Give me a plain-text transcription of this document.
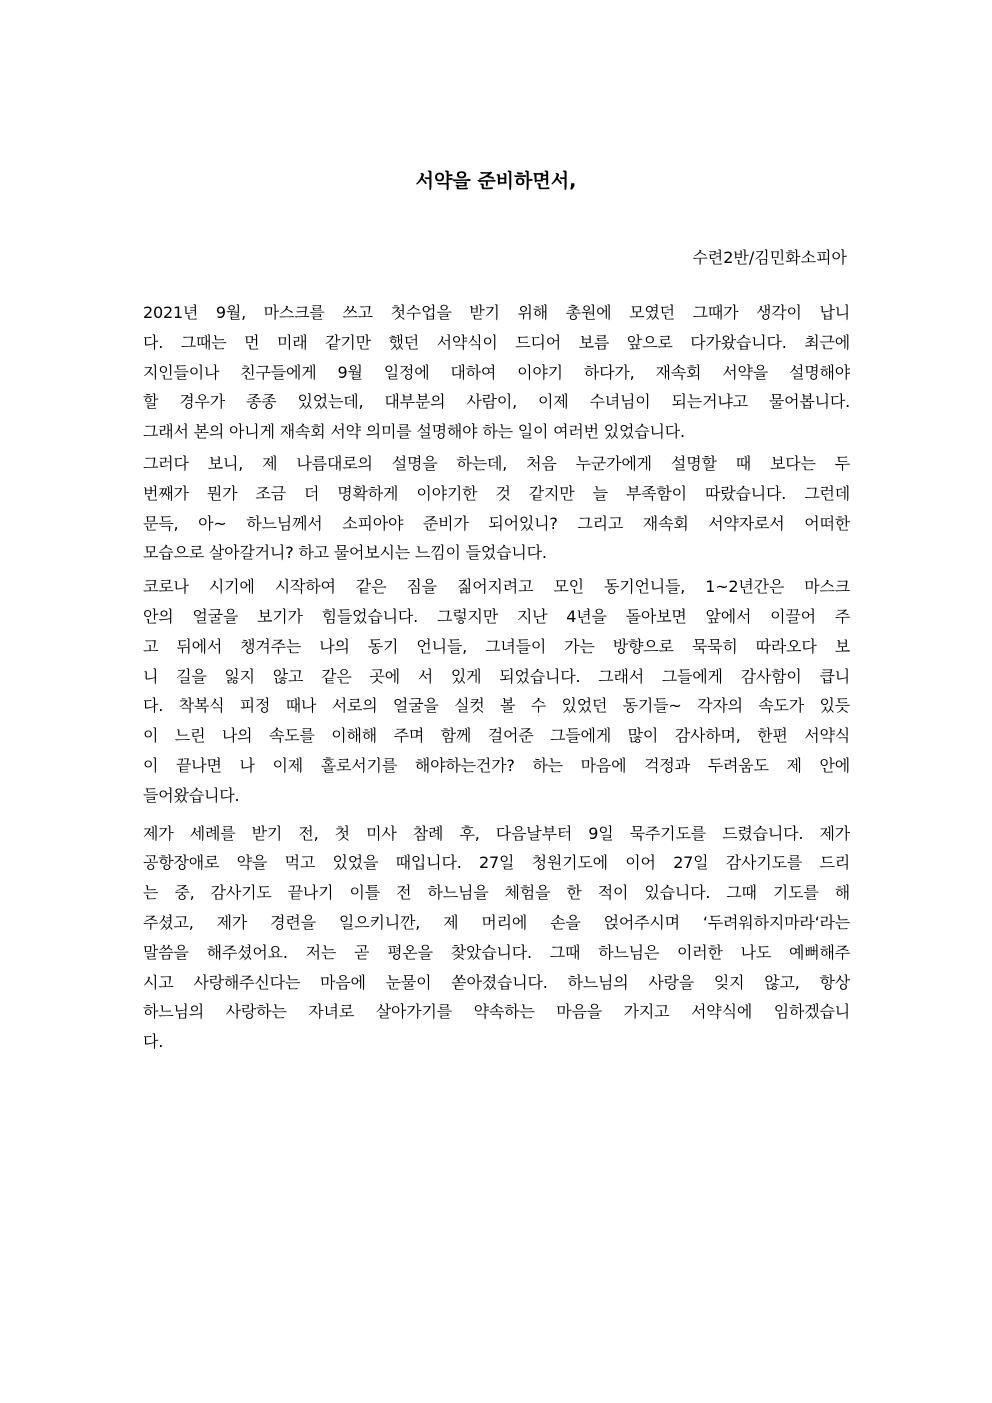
서약을 준비하면서,
수련2반/김민화소피아

2021년 9월, 마스크를 쓰고 첫수업을 받기 위해 총원에 모였던 그때가 생각이 납니
다. 그때는 먼 미래 같기만 했던 서약식이 드디어 보름 앞으로 다가왔습니다. 최근에
지인들이나 친구들에게 9월 일정에 대하여 이야기 하다가, 재속회 서약을 설명해야
할 경우가 종종 있었는데, 대부분의 사람이, 이제 수녀님이 되는거냐고 물어봅니다.
그래서 본의 아니게 재속회 서약 의미를 설명해야 하는 일이 여러번 있었습니다.

그러다 보니, 제 나름대로의 설명을 하는데, 처음 누군가에게 설명할 때 보다는 두
번째가 뭔가 조금 더 명확하게 이야기한 것 같지만 늘 부족함이 따랐습니다. 그런데
문득, 아~ 하느님께서 소피아야 준비가 되어있니? 그리고 재속회 서약자로서 어떠한
모습으로 살아갈거니? 하고 물어보시는 느낌이 들었습니다.

코로나 시기에 시작하여 같은 짐을 짊어지려고 모인 동기언니들, 1~2년간은 마스크
안의 얼굴을 보기가 힘들었습니다. 그렇지만 지난 4년을 돌아보면 앞에서 이끌어 주
고 뒤에서 챙겨주는 나의 동기 언니들, 그녀들이 가는 방향으로 묵묵히 따라오다 보
니 길을 잃지 않고 같은 곳에 서 있게 되었습니다. 그래서 그들에게 감사함이 큽니
다. 착복식 피정 때나 서로의 얼굴을 실컷 볼 수 있었던 동기들~ 각자의 속도가 있듯
이 느린 나의 속도를 이해해 주며 함께 걸어준 그들에게 많이 감사하며, 한편 서약식
이 끝나면 나 이제 홀로서기를 해야하는건가? 하는 마음에 걱정과 두려움도 제 안에
들어왔습니다.

제가 세례를 받기 전, 첫 미사 참례 후, 다음날부터 9일 묵주기도를 드렸습니다. 제가
공항장애로 약을 먹고 있었을 때입니다. 27일 청원기도에 이어 27일 감사기도를 드리
는 중, 감사기도 끝나기 이틀 전 하느님을 체험을 한 적이 있습니다. 그때 기도를 해
주셨고, 제가 경련을 일으키니깐, 제 머리에 손을 얹어주시며 ‘두려워하지마라‘라는
말씀을 해주셨어요. 저는 곧 평온을 찾았습니다. 그때 하느님은 이러한 나도 예뻐해주
시고 사랑해주신다는 마음에 눈물이 쏟아졌습니다. 하느님의 사랑을 잊지 않고, 항상
하느님의 사랑하는 자녀로 살아가기를 약속하는 마음을 가지고 서약식에 임하겠습니
다.
